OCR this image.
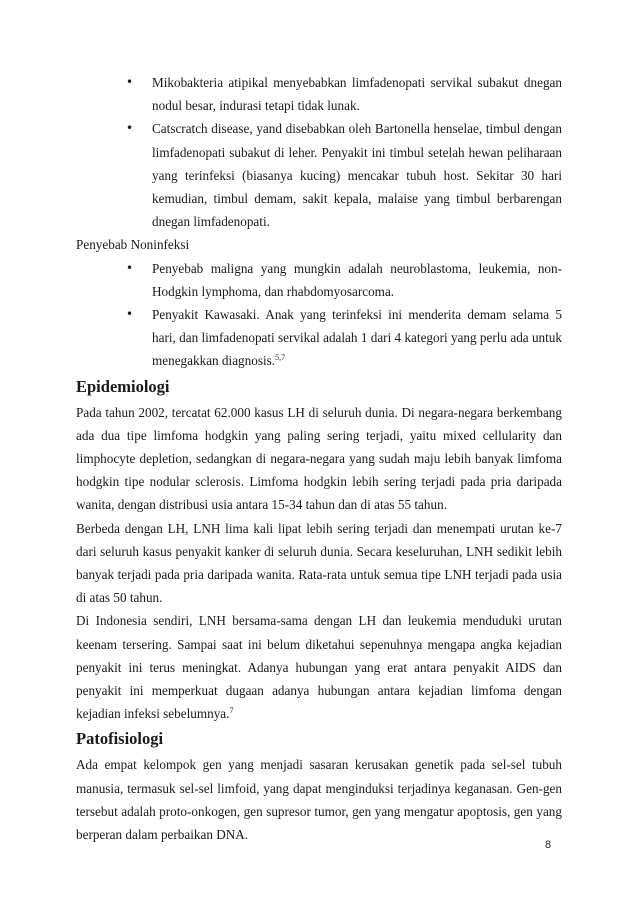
• Mikobakteria atipikal menyebabkan limfadenopati servikal subakut dnegan nodul besar, indurasi tetapi tidak lunak.
• Catscratch disease, yand disebabkan oleh Bartonella henselae, timbul dengan limfadenopati subakut di leher. Penyakit ini timbul setelah hewan peliharaan yang terinfeksi (biasanya kucing) mencakar tubuh host. Sekitar 30 hari kemudian, timbul demam, sakit kepala, malaise yang timbul berbarengan dnegan limfadenopati.

Penyebab Noninfeksi

• Penyebab maligna yang mungkin adalah neuroblastoma, leukemia, non-Hodgkin lymphoma, dan rhabdomyosarcoma.
• Penyakit Kawasaki. Anak yang terinfeksi ini menderita demam selama 5 hari, dan limfadenopati servikal adalah 1 dari 4 kategori yang perlu ada untuk menegakkan diagnosis.$^{5,7}$
Epidemiologi

Pada tahun 2002, tercatat 62.000 kasus LH di seluruh dunia. Di negara-negara berkembang ada dua tipe limfoma hodgkin yang paling sering terjadi, yaitu mixed cellularity dan limphocyte depletion, sedangkan di negara-negara yang sudah maju lebih banyak limfoma hodgkin tipe nodular sclerosis. Limfoma hodgkin lebih sering terjadi pada pria daripada wanita, dengan distribusi usia antara 15-34 tahun dan di atas 55 tahun.

Berbeda dengan LH, LNH lima kali lipat lebih sering terjadi dan menempati urutan ke-7 dari seluruh kasus penyakit kanker di seluruh dunia. Secara keseluruhan, LNH sedikit lebih banyak terjadi pada pria daripada wanita. Rata-rata untuk semua tipe LNH terjadi pada usia di atas 50 tahun.

Di Indonesia sendiri, LNH bersama-sama dengan LH dan leukemia menduduki urutan keenam tersering. Sampai saat ini belum diketahui sepenuhnya mengapa angka kejadian penyakit ini terus meningkat. Adanya hubungan yang erat antara penyakit AIDS dan penyakit ini memperkuat dugaan adanya hubungan antara kejadian limfoma dengan kejadian infeksi sebelumnya.$^7$

Patofisiologi

Ada empat kelompok gen yang menjadi sasaran kerusakan genetik pada sel-sel tubuh manusia, termasuk sel-sel limfoid, yang dapat menginduksi terjadinya keganasan. Gen-gen tersebut adalah proto-onkogen, gen supresor tumor, gen yang mengatur apoptosis, gen yang berperan dalam perbaikan DNA.

8
